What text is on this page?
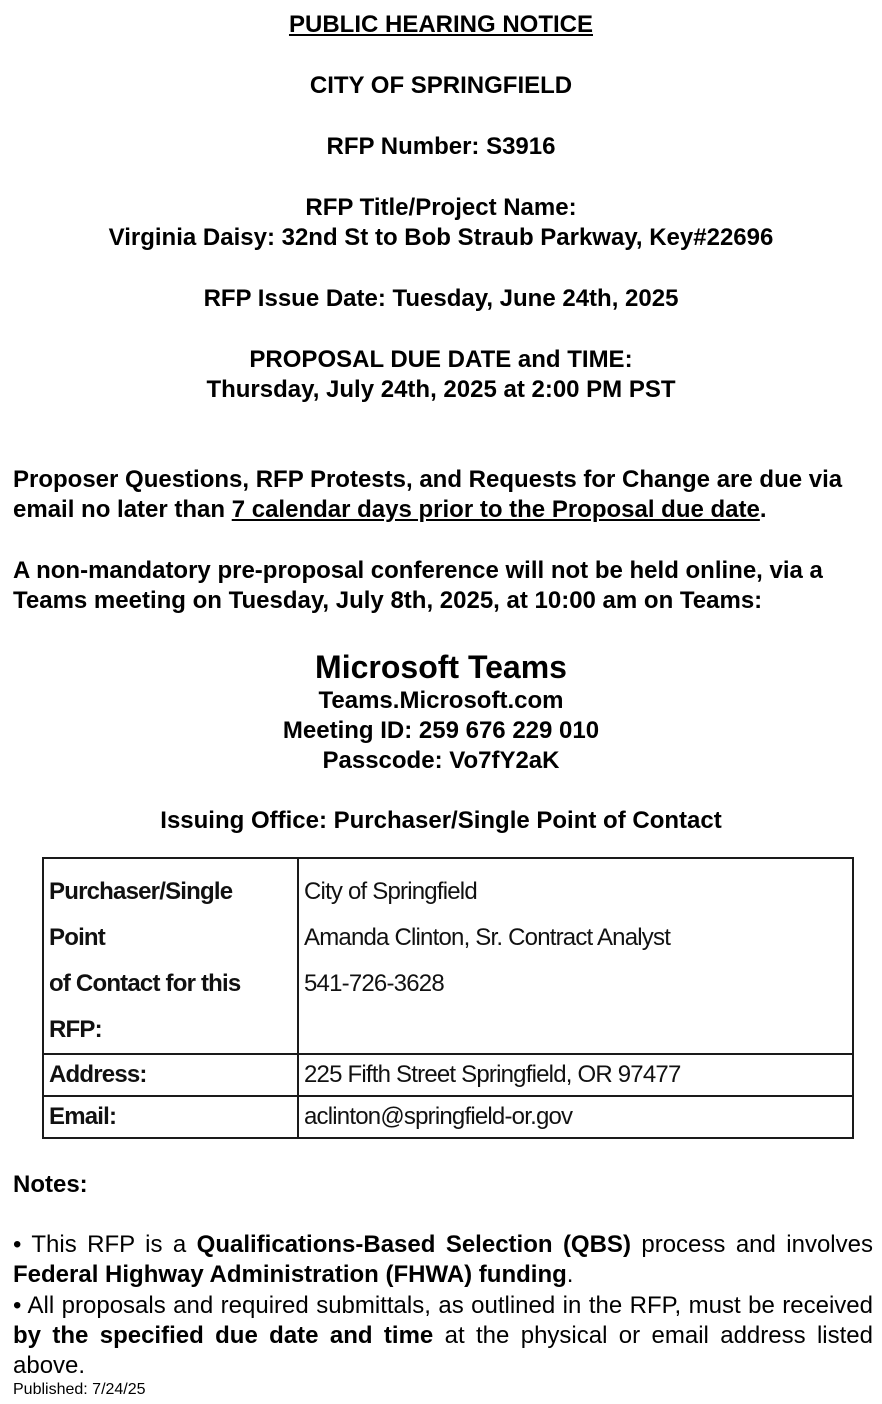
PUBLIC HEARING NOTICE

CITY OF SPRINGFIELD

RFP Number: S3916

RFP Title/Project Name:

Virginia Daisy: 32nd St to Bob Straub Parkway, Key#22696

RFP Issue Date: Tuesday, June 24th, 2025

PROPOSAL DUE DATE and TIME:

Thursday, July 24th, 2025 at 2:00 PM PST

Proposer Questions, RFP Protests, and Requests for Change are due via email no later than 7 calendar days prior to the Proposal due date.

A non-mandatory pre-proposal conference will not be held online, via a Teams meeting on Tuesday, July 8th, 2025, at 10:00 am on Teams:

Microsoft Teams

Teams.Microsoft.com

Meeting ID: 259 676 229 010

Passcode: Vo7fY2aK

Issuing Office: Purchaser/Single Point of Contact

Purchaser/Single Point
of Contact for this RFP:	City of Springfield
Amanda Clinton, Sr. Contract Analyst
541-726-3628

Address:	225 Fifth Street Springfield, OR 97477
Email:	aclinton@springfield-or.gov

Notes:

• This RFP is a Qualifications-Based Selection (QBS) process and involves Federal Highway Administration (FHWA) funding.

• All proposals and required submittals, as outlined in the RFP, must be received by the specified due date and time at the physical or email address listed above.

Published: 7/24/25
